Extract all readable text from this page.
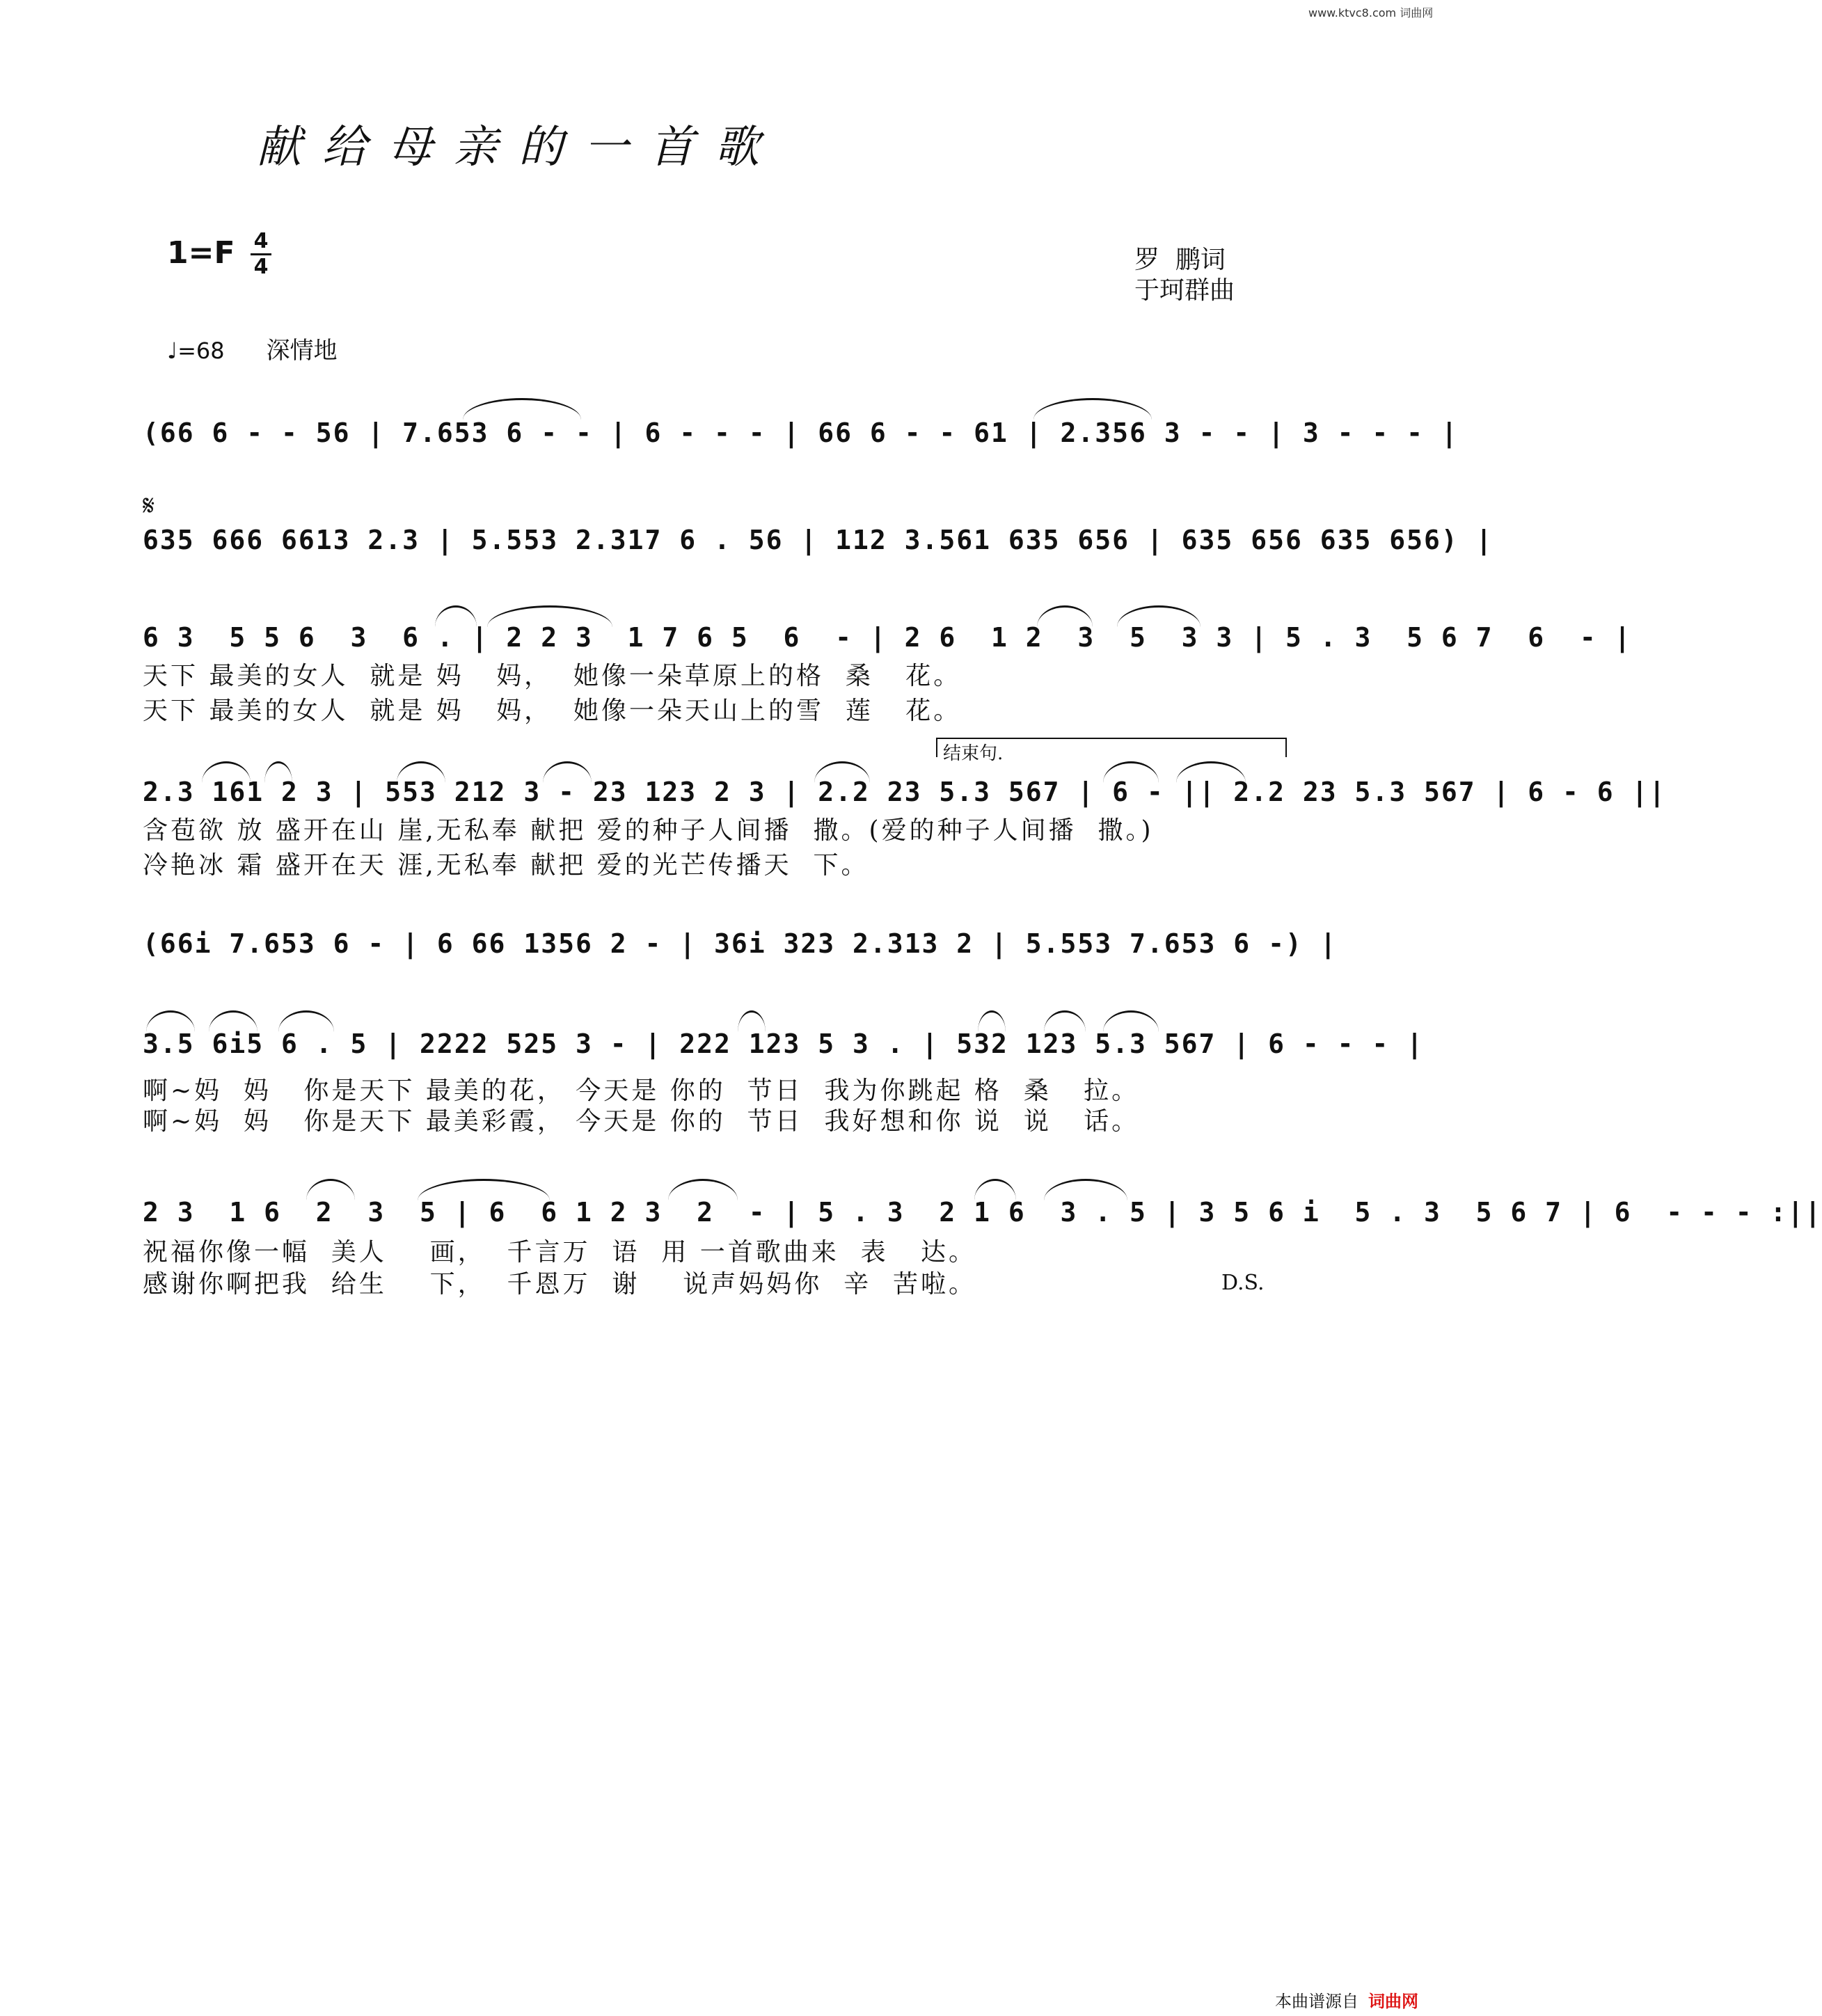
www.ktvc8.com 词曲网
献给母亲的一首歌
1=F 4
4	罗  鹏词
于珂群曲
♩=68 深情地
(66 6 - - 56 | 7.653 6 - - | 6 - - - | 66 6 - - 61 | 2.356 3 - - | 3 - - - |
𝄋
635 666 6613 2.3 | 5.553 2.317 6 . 56 | 112 3.561 635 656 | 635 656 635 656) |
6 3  5 5 6  3  6 . | 2 2 3  1 7 6 5  6  - | 2 6  1 2  3  5  3 3 | 5 . 3  5 6 7  6  - |
天下 最美的女人  就是 妈   妈，  她像一朵草原上的格  桑   花。
天下 最美的女人  就是 妈   妈，  她像一朵天山上的雪  莲   花。
结束句.
2.3 161 2 3 | 553 212 3 - 23 123 2 3 | 2.2 23 5.3 567 | 6 - || 2.2 23 5.3 567 | 6 - 6 ||
含苞欲 放 盛开在山 崖,无私奉 献把 爱的种子人间播  撒。(爱的种子人间播  撒。)
冷艳冰 霜 盛开在天 涯,无私奉 献把 爱的光芒传播天  下。
(66i 7.653 6 - | 6 66 1356 2 - | 36i 323 2.313 2 | 5.553 7.653 6 -) |
3.5 6i5 6 . 5 | 2222 525 3 - | 222 123 5 3 . | 532 123 5.3 567 | 6 - - - |
啊~妈  妈   你是天下 最美的花， 今天是 你的  节日  我为你跳起 格  桑   拉。
啊~妈  妈   你是天下 最美彩霞， 今天是 你的  节日  我好想和你 说  说   话。
2 3  1 6  2  3  5 | 6  6 1 2 3  2  - | 5 . 3  2 1 6  3 . 5 | 3 5 6 i  5 . 3  5 6 7 | 6  - - - :||
祝福你像一幅  美人    画，  千言万  语  用 一首歌曲来  表   达。
感谢你啊把我  给生    下，  千恩万  谢    说声妈妈你  辛  苦啦。	D.S.
本曲谱源自 词曲网
